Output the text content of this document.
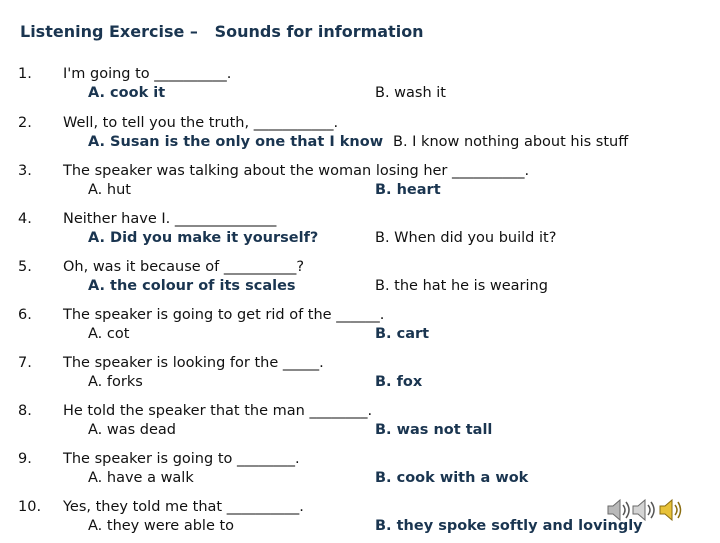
Listening Exercise –   Sounds for information
1. I'm going to __________.
A. cook it	B. wash it
2. Well, to tell you the truth, ___________.
A. Susan is the only one that I know B. I know nothing about his stuff
3. The speaker was talking about the woman losing her __________.
A. hut	B. heart
4. Neither have I. ______________
A. Did you make it yourself?	B. When did you build it?
5. Oh, was it because of __________?
A. the colour of its scales	B. the hat he is wearing
6. The speaker is going to get rid of the ______.
A. cot	B. cart
7. The speaker is looking for the _____.
A. forks	B. fox
8. He told the speaker that the man ________.
A. was dead	B. was not tall
9. The speaker is going to ________.
A. have a walk	B. cook with a wok
10. Yes, they told me that __________.
A. they were able to	B. they spoke softly and lovingly
